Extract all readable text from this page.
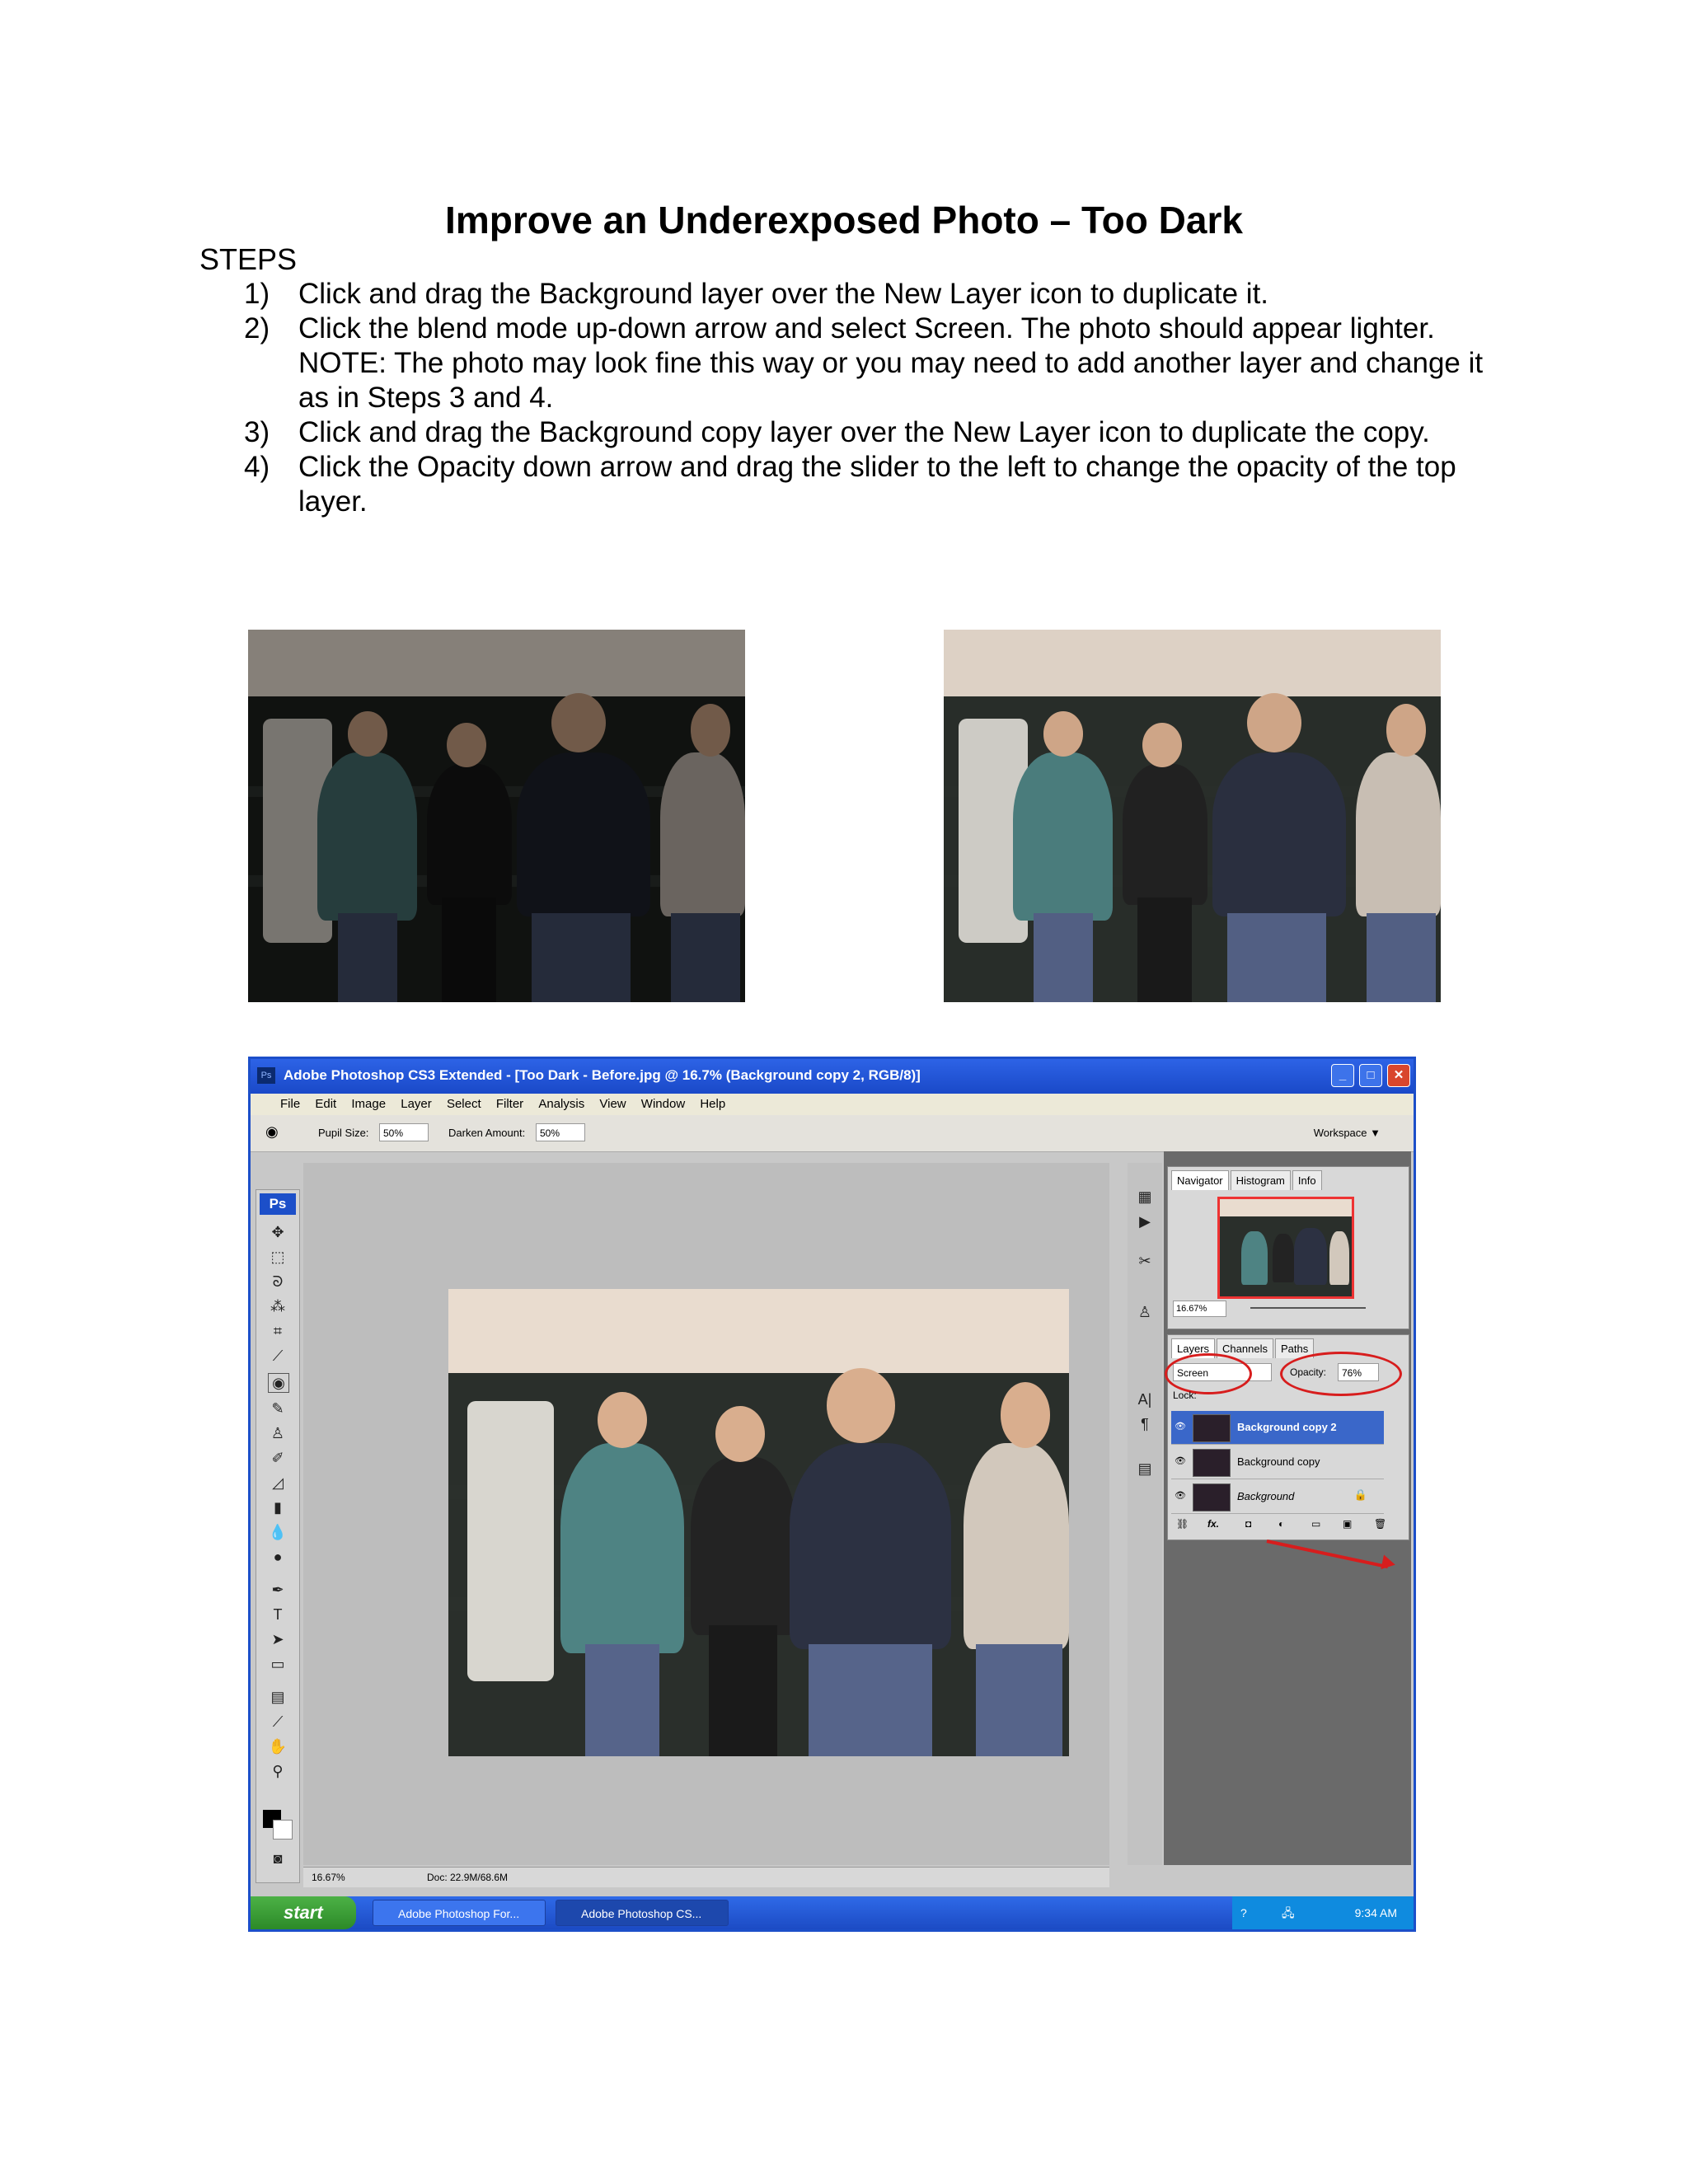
Improve an Underexposed Photo – Too Dark
STEPS
1) Click and drag the Background layer over the New Layer icon to duplicate it.
2) Click the blend mode up-down arrow and select Screen. The photo should appear lighter. NOTE: The photo may look fine this way or you may need to add another layer and change it as in Steps 3 and 4.
3) Click and drag the Background copy layer over the New Layer icon to duplicate the copy.
4) Click the Opacity down arrow and drag the slider to the left to change the opacity of the top layer.
Ps Adobe Photoshop CS3 Extended - [Too Dark - Before.jpg @ 16.7% (Background copy 2, RGB/8)]	_	□	✕
File Edit Image Layer Select Filter Analysis View Window Help
◉	Pupil Size:	50%	Darken Amount:	50%	Workspace ▼
Ps
✥
⬚
ᘐ
⁂
⌗
⟋
◉
✎
♙
✐
◿
▮
💧
●
✒
T
➤
▭
▤
⟋
✋
⚲
◙
16.67%	Doc: 22.9M/68.6M
▦
▶
✂
♙
A|
¶
▤
Navigator Histogram Info
16.67%
Layers Channels Paths
Screen	Opacity:	76%
Lock:
👁	Background copy 2
👁	Background copy
👁	Background	🔒
⛓ fx.	◘	◐	▭ ▣ 🗑
start	Adobe Photoshop For...	Adobe Photoshop CS...	?	🖧	9:34 AM
